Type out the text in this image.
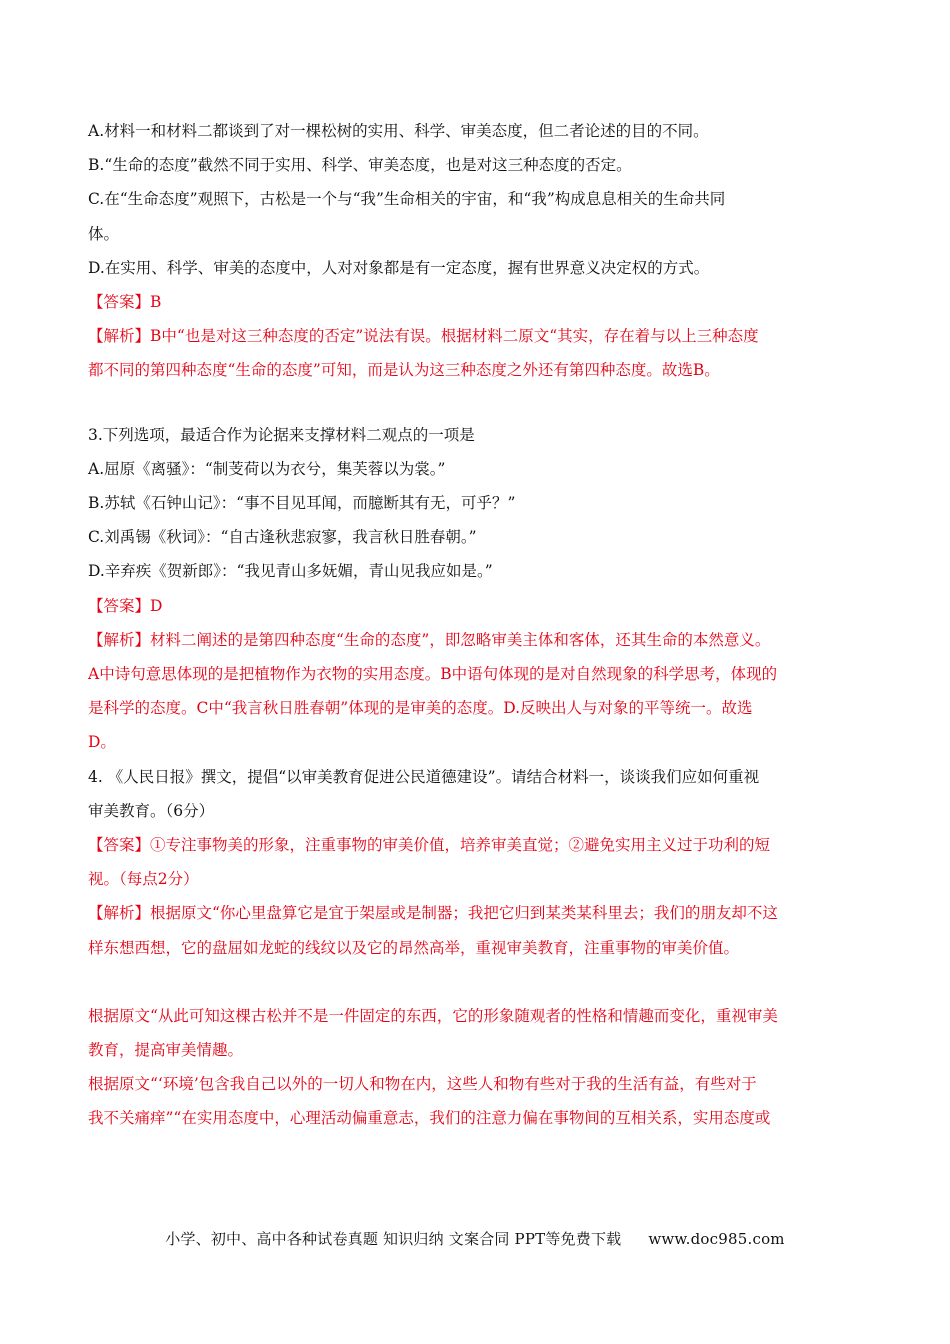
A.材料一和材料二都谈到了对一棵松树的实用、科学、审美态度，但二者论述的目的不同。
B.“生命的态度”截然不同于实用、科学、审美态度，也是对这三种态度的否定。
C.在“生命态度”观照下，古松是一个与“我”生命相关的宇宙，和“我”构成息息相关的生命共同
体。
D.在实用、科学、审美的态度中，人对对象都是有一定态度，握有世界意义决定权的方式。
【答案】B
【解析】B中“也是对这三种态度的否定”说法有误。根据材料二原文“其实，存在着与以上三种态度
都不同的第四种态度“生命的态度”可知，而是认为这三种态度之外还有第四种态度。故选B。
3.下列选项，最适合作为论据来支撑材料二观点的一项是
A.屈原《离骚》：“制芰荷以为衣兮，集芙蓉以为裳。”
B.苏轼《石钟山记》：“事不目见耳闻，而臆断其有无，可乎？”
C.刘禹锡《秋词》：“自古逢秋悲寂寥，我言秋日胜春朝。”
D.辛弃疾《贺新郎》：“我见青山多妩媚，青山见我应如是。”
【答案】D
【解析】材料二阐述的是第四种态度“生命的态度”，即忽略审美主体和客体，还其生命的本然意义。
A中诗句意思体现的是把植物作为衣物的实用态度。B中语句体现的是对自然现象的科学思考，体现的
是科学的态度。C中“我言秋日胜春朝”体现的是审美的态度。D.反映出人与对象的平等统一。故选
D。
4. 《人民日报》撰文，提倡“以审美教育促进公民道德建设”。请结合材料一，谈谈我们应如何重视
审美教育。（6分）
【答案】①专注事物美的形象，注重事物的审美价值，培养审美直觉；②避免实用主义过于功利的短
视。（每点2分）
【解析】根据原文“你心里盘算它是宜于架屋或是制器；我把它归到某类某科里去；我们的朋友却不这
样东想西想，它的盘屈如龙蛇的线纹以及它的昂然高举，重视审美教育，注重事物的审美价值。
根据原文“从此可知这棵古松并不是一件固定的东西，它的形象随观者的性格和情趣而变化，重视审美
教育，提高审美情趣。
根据原文“‘环境’包含我自己以外的一切人和物在内，这些人和物有些对于我的生活有益，有些对于
我不关痛痒”“在实用态度中，心理活动偏重意志，我们的注意力偏在事物间的互相关系，实用态度或
小学、初中、高中各种试卷真题 知识归纳 文案合同 PPT等免费下载 www.doc985.com
